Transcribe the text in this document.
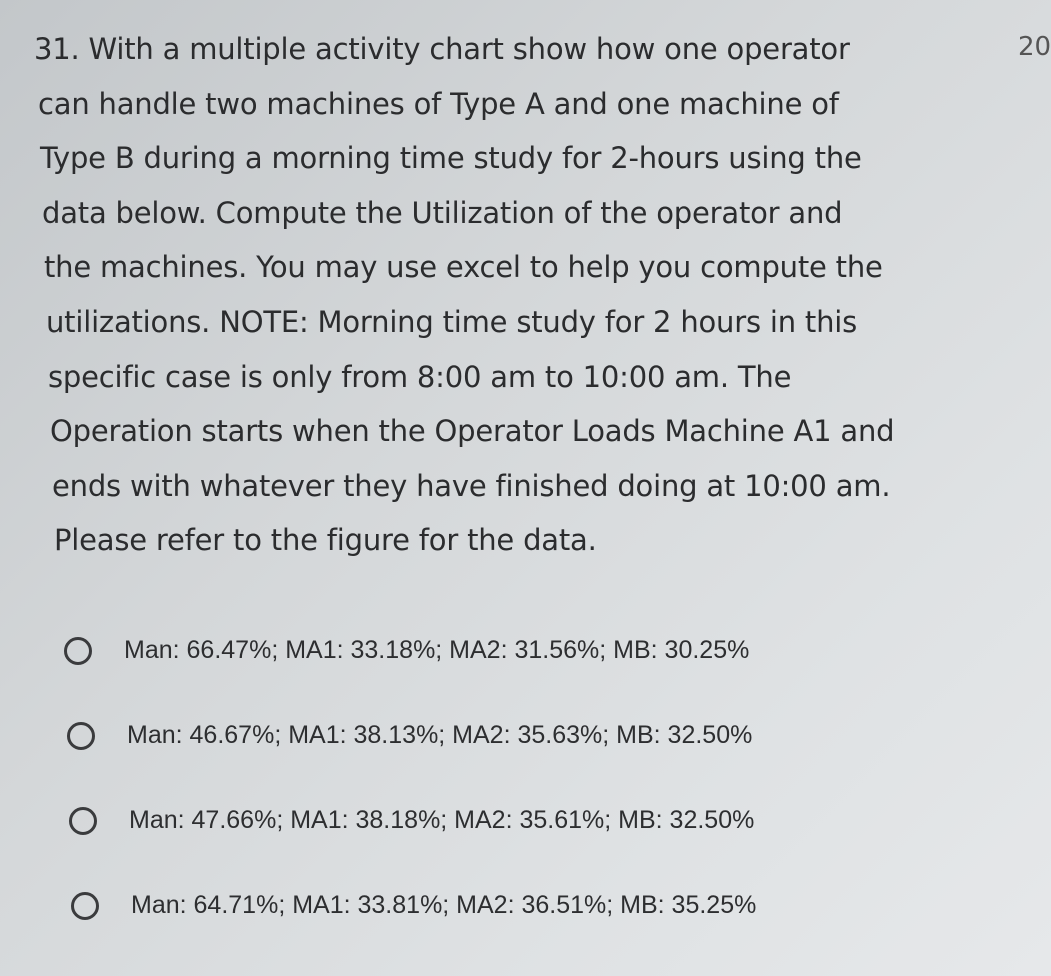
31. With a multiple activity chart show how one operator
can handle two machines of Type A and one machine of
Type B during a morning time study for 2-hours using the
data below. Compute the Utilization of the operator and
the machines. You may use excel to help you compute the
utilizations. NOTE: Morning time study for 2 hours in this
specific case is only from 8:00 am to 10:00 am. The
Operation starts when the Operator Loads Machine A1 and
ends with whatever they have finished doing at 10:00 am.
Please refer to the figure for the data.
20
Man: 66.47%; MA1: 33.18%; MA2: 31.56%; MB: 30.25%
Man: 46.67%; MA1: 38.13%; MA2: 35.63%; MB: 32.50%
Man: 47.66%; MA1: 38.18%; MA2: 35.61%; MB: 32.50%
Man: 64.71%; MA1: 33.81%; MA2: 36.51%; MB: 35.25%
